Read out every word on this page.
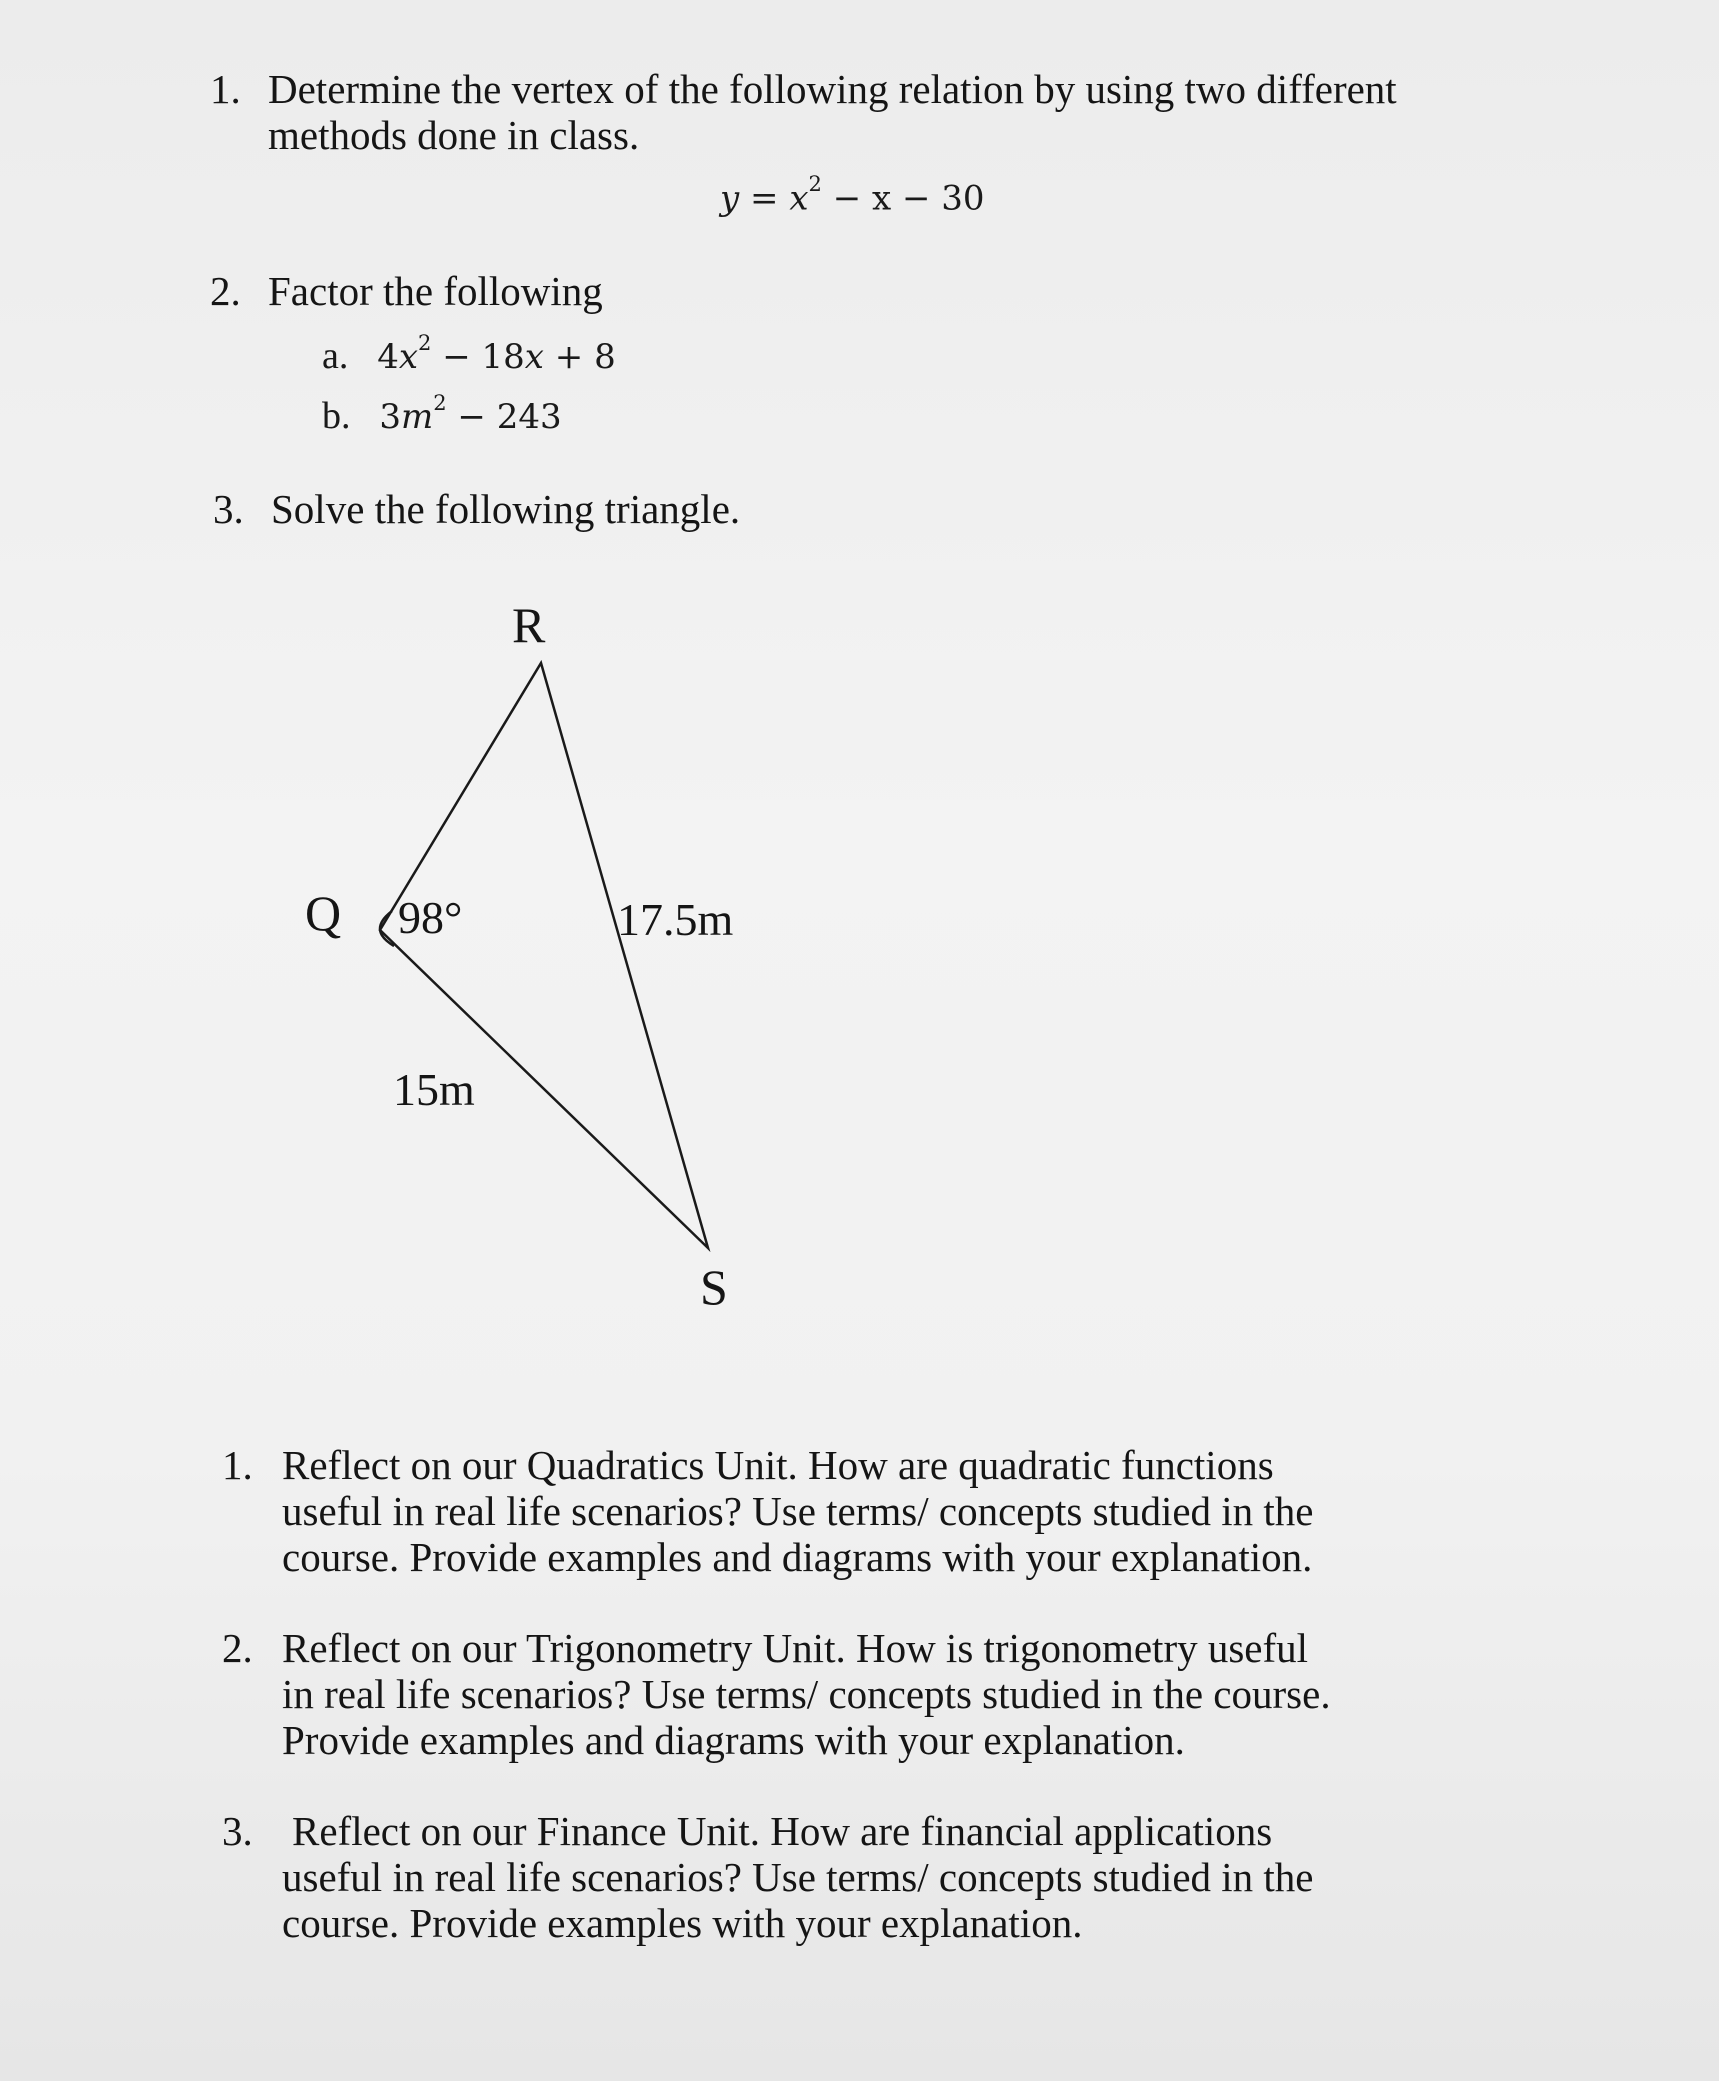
1. Determine the vertex of the following relation by using two different methods done in class.
$y = x^2 - x - 30$
2. Factor the following
a. $4x^2 - 18x + 8$
b. $3m^2 - 243$
3. Solve the following triangle.
R
Q
S
98°	17.5m
15m
1. Reflect on our Quadratics Unit. How are quadratic functions
useful in real life scenarios? Use terms/ concepts studied in the
course. Provide examples and diagrams with your explanation.
2. Reflect on our Trigonometry Unit. How is trigonometry useful
in real life scenarios? Use terms/ concepts studied in the course.
Provide examples and diagrams with your explanation.
3. Reflect on our Finance Unit. How are financial applications
useful in real life scenarios? Use terms/ concepts studied in the
course. Provide examples with your explanation.
